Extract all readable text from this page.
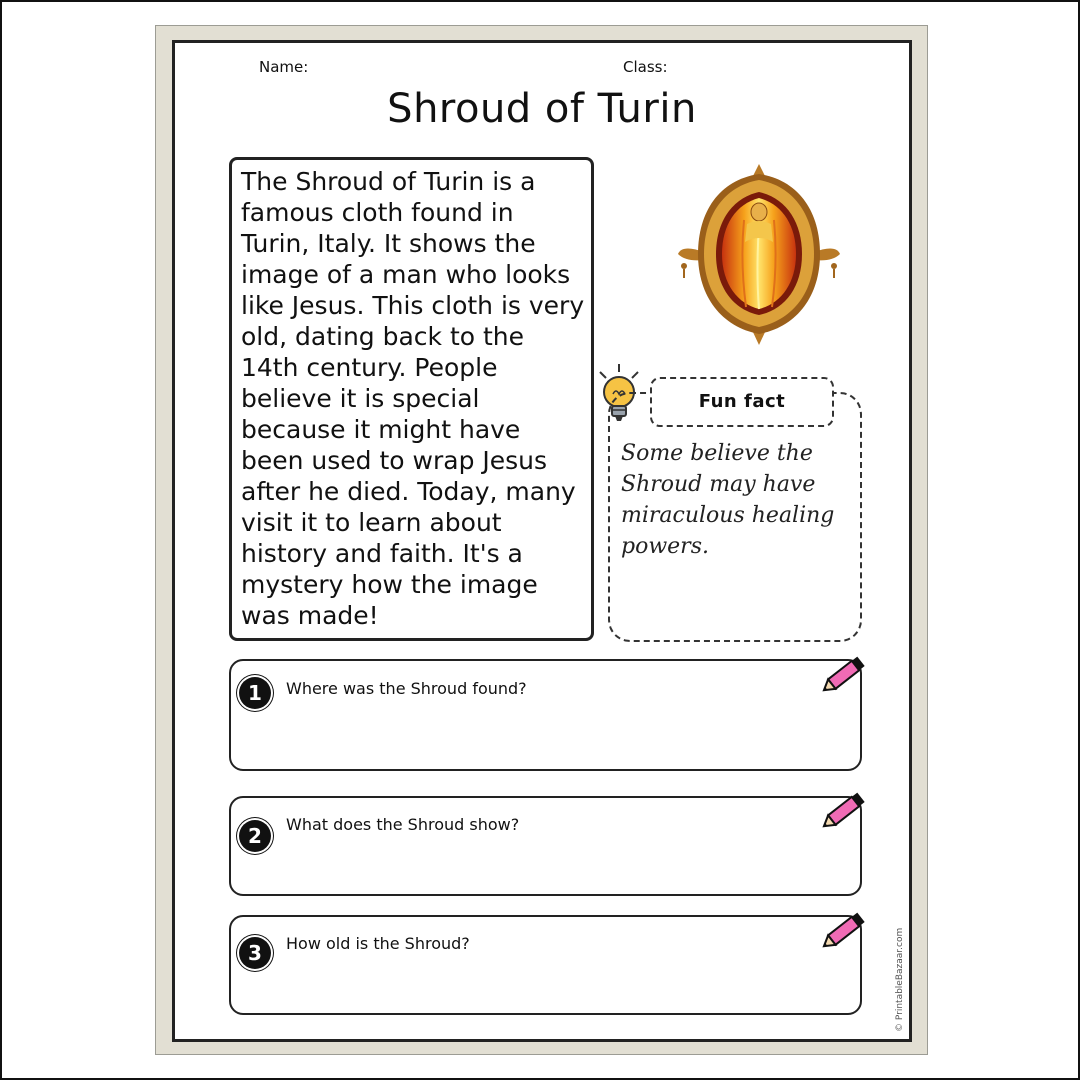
Name:	Class:
Shroud of Turin
The Shroud of Turin is a famous cloth found in Turin, Italy. It shows the image of a man who looks like Jesus. This cloth is very old, dating back to the 14th century. People believe it is special because it might have been used to wrap Jesus after he died. Today, many visit it to learn about history and faith. It's a mystery how the image was made!
Some believe the Shroud may have miraculous healing powers.
Fun fact
1	Where was the Shroud found?
2	What does the Shroud show?
3	How old is the Shroud?	© PrintableBazaar.com
